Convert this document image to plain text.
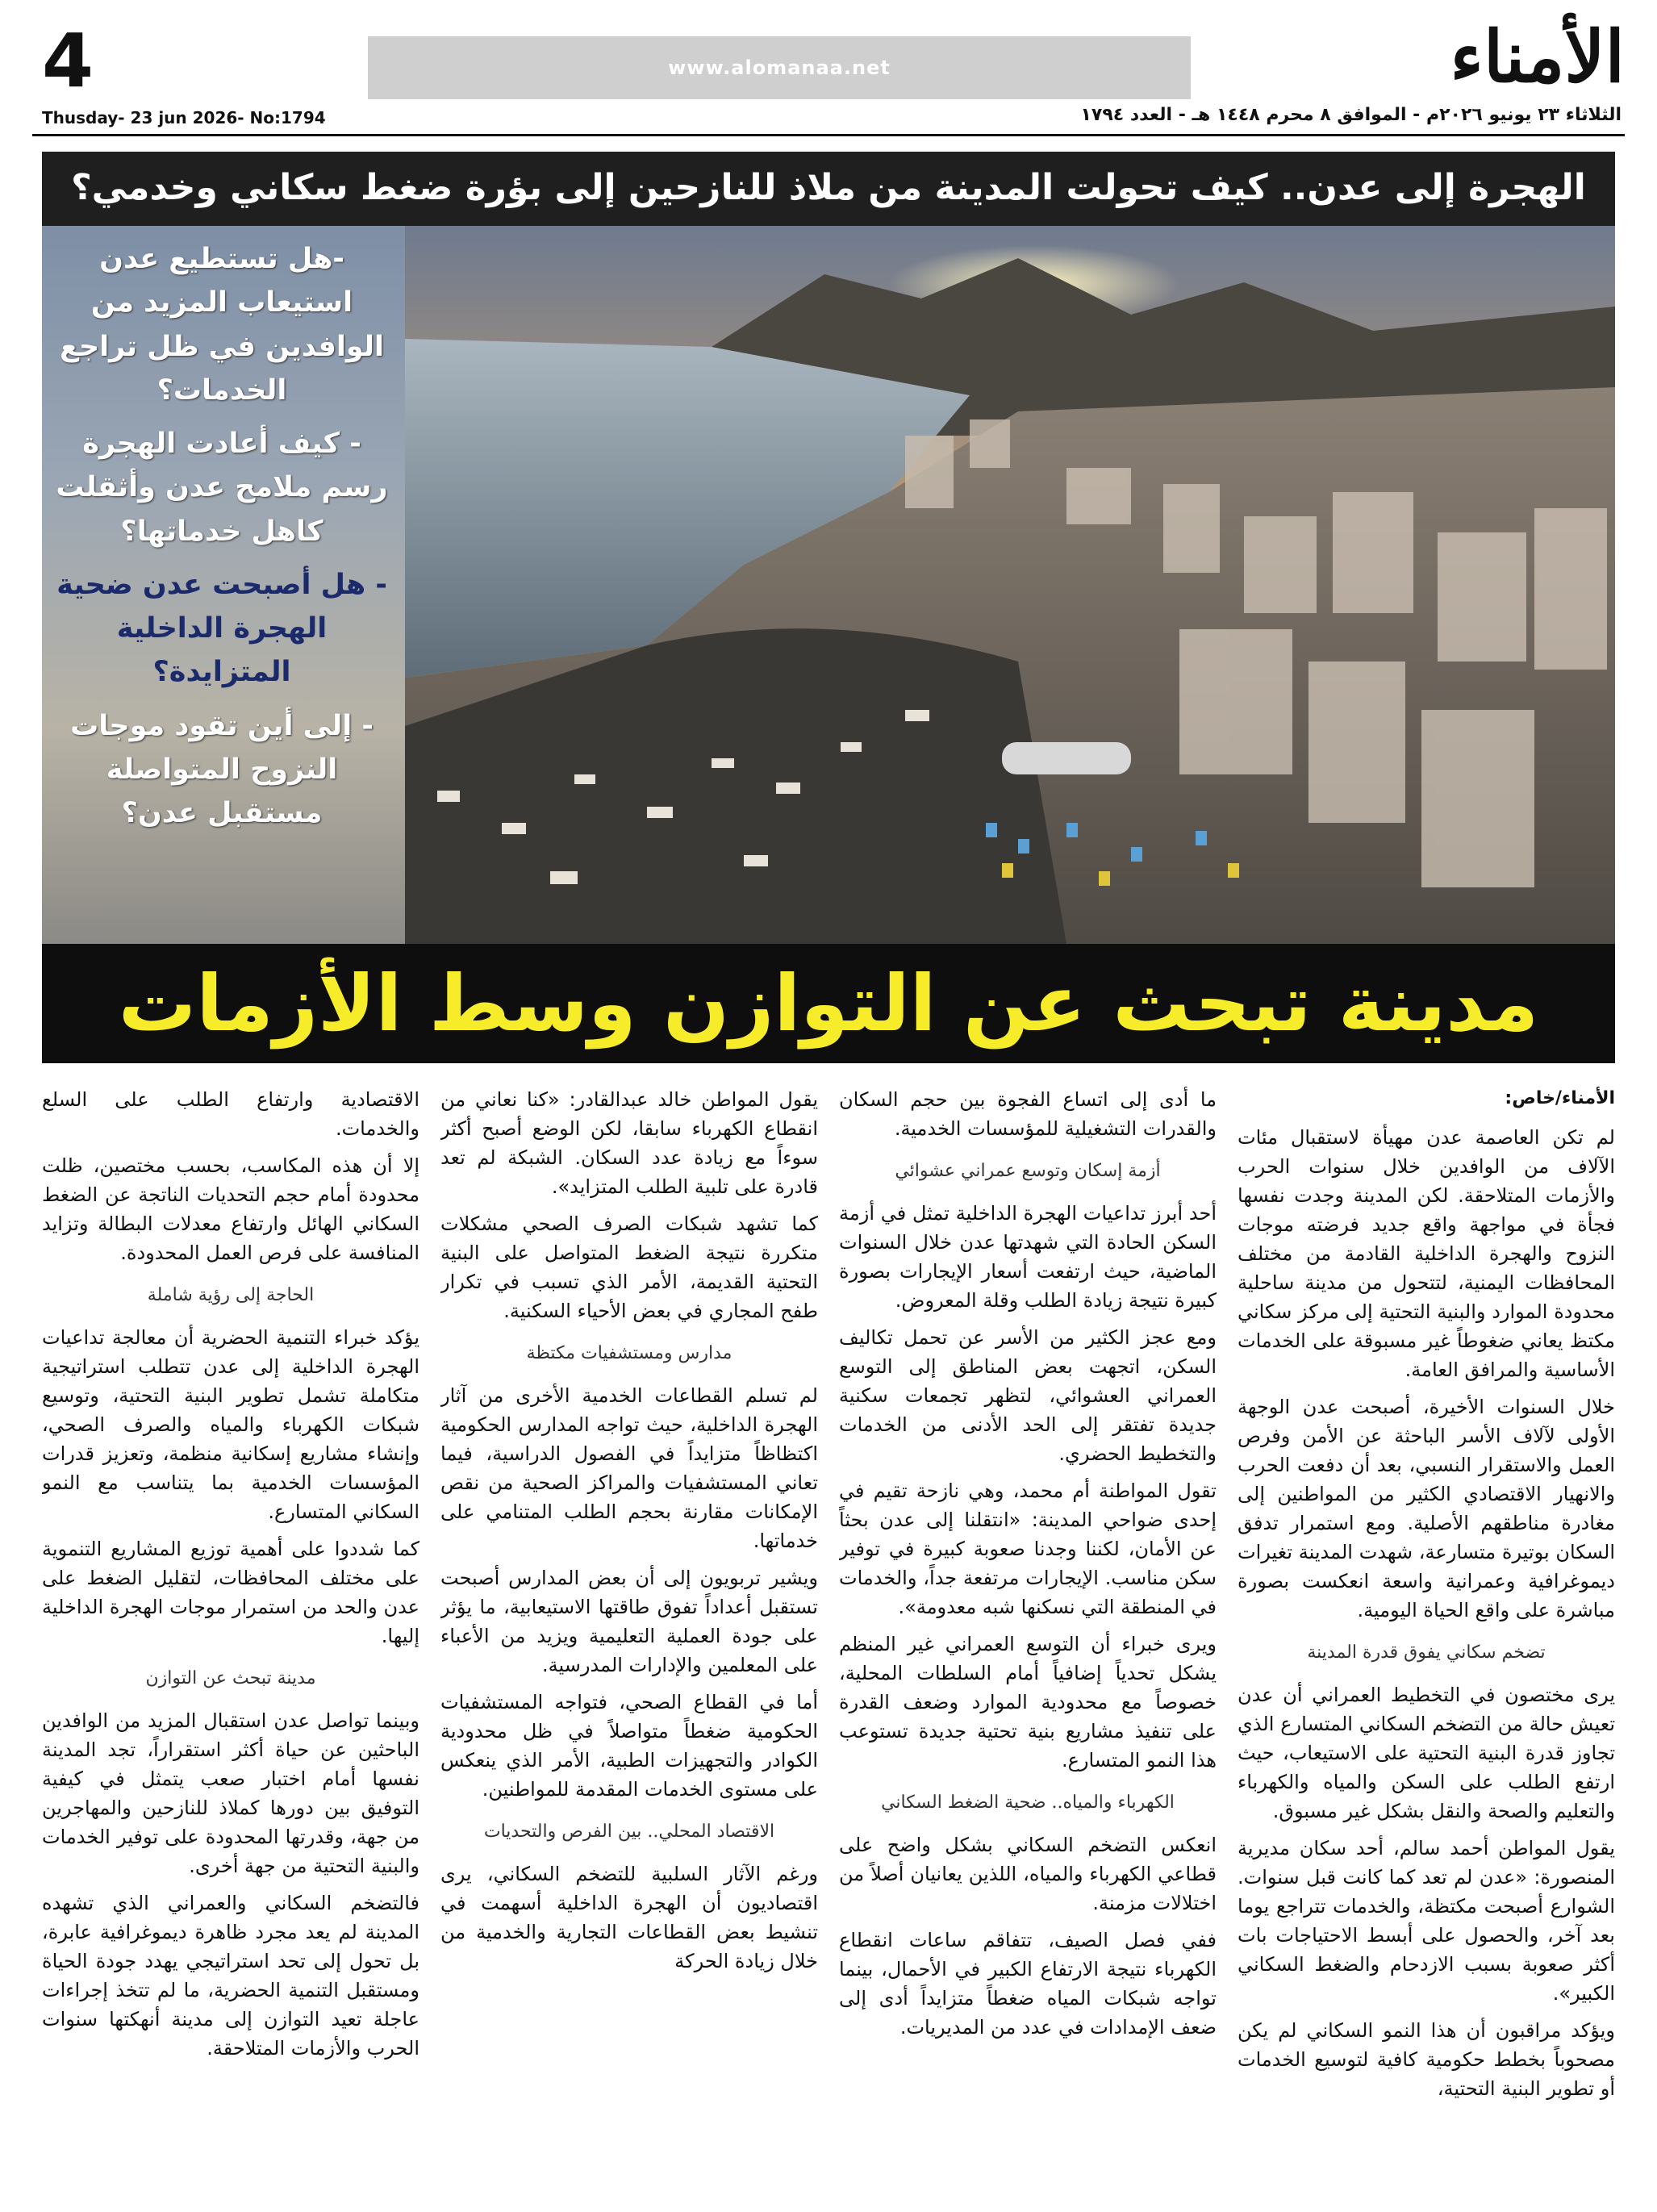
4	www.alomanaa.net	الأمناء
Thusday- 23 jun 2026- No:1794	الثلاثاء ٢٣ يونيو ٢٠٢٦م - الموافق ٨ محرم ١٤٤٨ هـ - العدد ١٧٩٤
الهجرة إلى عدن.. كيف تحولت المدينة من ملاذ للنازحين إلى بؤرة ضغط سكاني وخدمي؟

-هل تستطيع عدن استيعاب المزيد من الوافدين في ظل تراجع الخدمات؟

- كيف أعادت الهجرة رسم ملامح عدن وأثقلت كاهل خدماتها؟

- هل أصبحت عدن ضحية الهجرة الداخلية المتزايدة؟

- إلى أين تقود موجات النزوح المتواصلة مستقبل عدن؟

مدينة تبحث عن التوازن وسط الأزمات
الأمناء/خاص:

لم تكن العاصمة عدن مهيأة لاستقبال مئات الآلاف من الوافدين خلال سنوات الحرب والأزمات المتلاحقة. لكن المدينة وجدت نفسها فجأة في مواجهة واقع جديد فرضته موجات النزوح والهجرة الداخلية القادمة من مختلف المحافظات اليمنية، لتتحول من مدينة ساحلية محدودة الموارد والبنية التحتية إلى مركز سكاني مكتظ يعاني ضغوطاً غير مسبوقة على الخدمات الأساسية والمرافق العامة.

خلال السنوات الأخيرة، أصبحت عدن الوجهة الأولى لآلاف الأسر الباحثة عن الأمن وفرص العمل والاستقرار النسبي، بعد أن دفعت الحرب والانهيار الاقتصادي الكثير من المواطنين إلى مغادرة مناطقهم الأصلية. ومع استمرار تدفق السكان بوتيرة متسارعة، شهدت المدينة تغيرات ديموغرافية وعمرانية واسعة انعكست بصورة مباشرة على واقع الحياة اليومية.

تضخم سكاني يفوق قدرة المدينة

يرى مختصون في التخطيط العمراني أن عدن تعيش حالة من التضخم السكاني المتسارع الذي تجاوز قدرة البنية التحتية على الاستيعاب، حيث ارتفع الطلب على السكن والمياه والكهرباء والتعليم والصحة والنقل بشكل غير مسبوق.

يقول المواطن أحمد سالم، أحد سكان مديرية المنصورة: «عدن لم تعد كما كانت قبل سنوات. الشوارع أصبحت مكتظة، والخدمات تتراجع يوما بعد آخر، والحصول على أبسط الاحتياجات بات أكثر صعوبة بسبب الازدحام والضغط السكاني الكبير».

ويؤكد مراقبون أن هذا النمو السكاني لم يكن مصحوباً بخطط حكومية كافية لتوسيع الخدمات أو تطوير البنية التحتية،

ما أدى إلى اتساع الفجوة بين حجم السكان والقدرات التشغيلية للمؤسسات الخدمية.

أزمة إسكان وتوسع عمراني عشوائي

أحد أبرز تداعيات الهجرة الداخلية تمثل في أزمة السكن الحادة التي شهدتها عدن خلال السنوات الماضية، حيث ارتفعت أسعار الإيجارات بصورة كبيرة نتيجة زيادة الطلب وقلة المعروض.

ومع عجز الكثير من الأسر عن تحمل تكاليف السكن، اتجهت بعض المناطق إلى التوسع العمراني العشوائي، لتظهر تجمعات سكنية جديدة تفتقر إلى الحد الأدنى من الخدمات والتخطيط الحضري.

تقول المواطنة أم محمد، وهي نازحة تقيم في إحدى ضواحي المدينة: «انتقلنا إلى عدن بحثاً عن الأمان، لكننا وجدنا صعوبة كبيرة في توفير سكن مناسب. الإيجارات مرتفعة جداً، والخدمات في المنطقة التي نسكنها شبه معدومة».

ويرى خبراء أن التوسع العمراني غير المنظم يشكل تحدياً إضافياً أمام السلطات المحلية، خصوصاً مع محدودية الموارد وضعف القدرة على تنفيذ مشاريع بنية تحتية جديدة تستوعب هذا النمو المتسارع.

الكهرباء والمياه.. ضحية الضغط السكاني

انعكس التضخم السكاني بشكل واضح على قطاعي الكهرباء والمياه، اللذين يعانيان أصلاً من اختلالات مزمنة.

ففي فصل الصيف، تتفاقم ساعات انقطاع الكهرباء نتيجة الارتفاع الكبير في الأحمال، بينما تواجه شبكات المياه ضغطاً متزايداً أدى إلى ضعف الإمدادات في عدد من المديريات.

يقول المواطن خالد عبدالقادر: «كنا نعاني من انقطاع الكهرباء سابقا، لكن الوضع أصبح أكثر سوءاً مع زيادة عدد السكان. الشبكة لم تعد قادرة على تلبية الطلب المتزايد».

كما تشهد شبكات الصرف الصحي مشكلات متكررة نتيجة الضغط المتواصل على البنية التحتية القديمة، الأمر الذي تسبب في تكرار طفح المجاري في بعض الأحياء السكنية.

مدارس ومستشفيات مكتظة

لم تسلم القطاعات الخدمية الأخرى من آثار الهجرة الداخلية، حيث تواجه المدارس الحكومية اكتظاظاً متزايداً في الفصول الدراسية، فيما تعاني المستشفيات والمراكز الصحية من نقص الإمكانات مقارنة بحجم الطلب المتنامي على خدماتها.

ويشير تربويون إلى أن بعض المدارس أصبحت تستقبل أعداداً تفوق طاقتها الاستيعابية، ما يؤثر على جودة العملية التعليمية ويزيد من الأعباء على المعلمين والإدارات المدرسية.

أما في القطاع الصحي، فتواجه المستشفيات الحكومية ضغطاً متواصلاً في ظل محدودية الكوادر والتجهيزات الطبية، الأمر الذي ينعكس على مستوى الخدمات المقدمة للمواطنين.

الاقتصاد المحلي.. بين الفرص والتحديات

ورغم الآثار السلبية للتضخم السكاني، يرى اقتصاديون أن الهجرة الداخلية أسهمت في تنشيط بعض القطاعات التجارية والخدمية من خلال زيادة الحركة

الاقتصادية وارتفاع الطلب على السلع والخدمات.

إلا أن هذه المكاسب، بحسب مختصين، ظلت محدودة أمام حجم التحديات الناتجة عن الضغط السكاني الهائل وارتفاع معدلات البطالة وتزايد المنافسة على فرص العمل المحدودة.

الحاجة إلى رؤية شاملة

يؤكد خبراء التنمية الحضرية أن معالجة تداعيات الهجرة الداخلية إلى عدن تتطلب استراتيجية متكاملة تشمل تطوير البنية التحتية، وتوسيع شبكات الكهرباء والمياه والصرف الصحي، وإنشاء مشاريع إسكانية منظمة، وتعزيز قدرات المؤسسات الخدمية بما يتناسب مع النمو السكاني المتسارع.

كما شددوا على أهمية توزيع المشاريع التنموية على مختلف المحافظات، لتقليل الضغط على عدن والحد من استمرار موجات الهجرة الداخلية إليها.

مدينة تبحث عن التوازن

وبينما تواصل عدن استقبال المزيد من الوافدين الباحثين عن حياة أكثر استقراراً، تجد المدينة نفسها أمام اختبار صعب يتمثل في كيفية التوفيق بين دورها كملاذ للنازحين والمهاجرين من جهة، وقدرتها المحدودة على توفير الخدمات والبنية التحتية من جهة أخرى.

فالتضخم السكاني والعمراني الذي تشهده المدينة لم يعد مجرد ظاهرة ديموغرافية عابرة، بل تحول إلى تحد استراتيجي يهدد جودة الحياة ومستقبل التنمية الحضرية، ما لم تتخذ إجراءات عاجلة تعيد التوازن إلى مدينة أنهكتها سنوات الحرب والأزمات المتلاحقة.
